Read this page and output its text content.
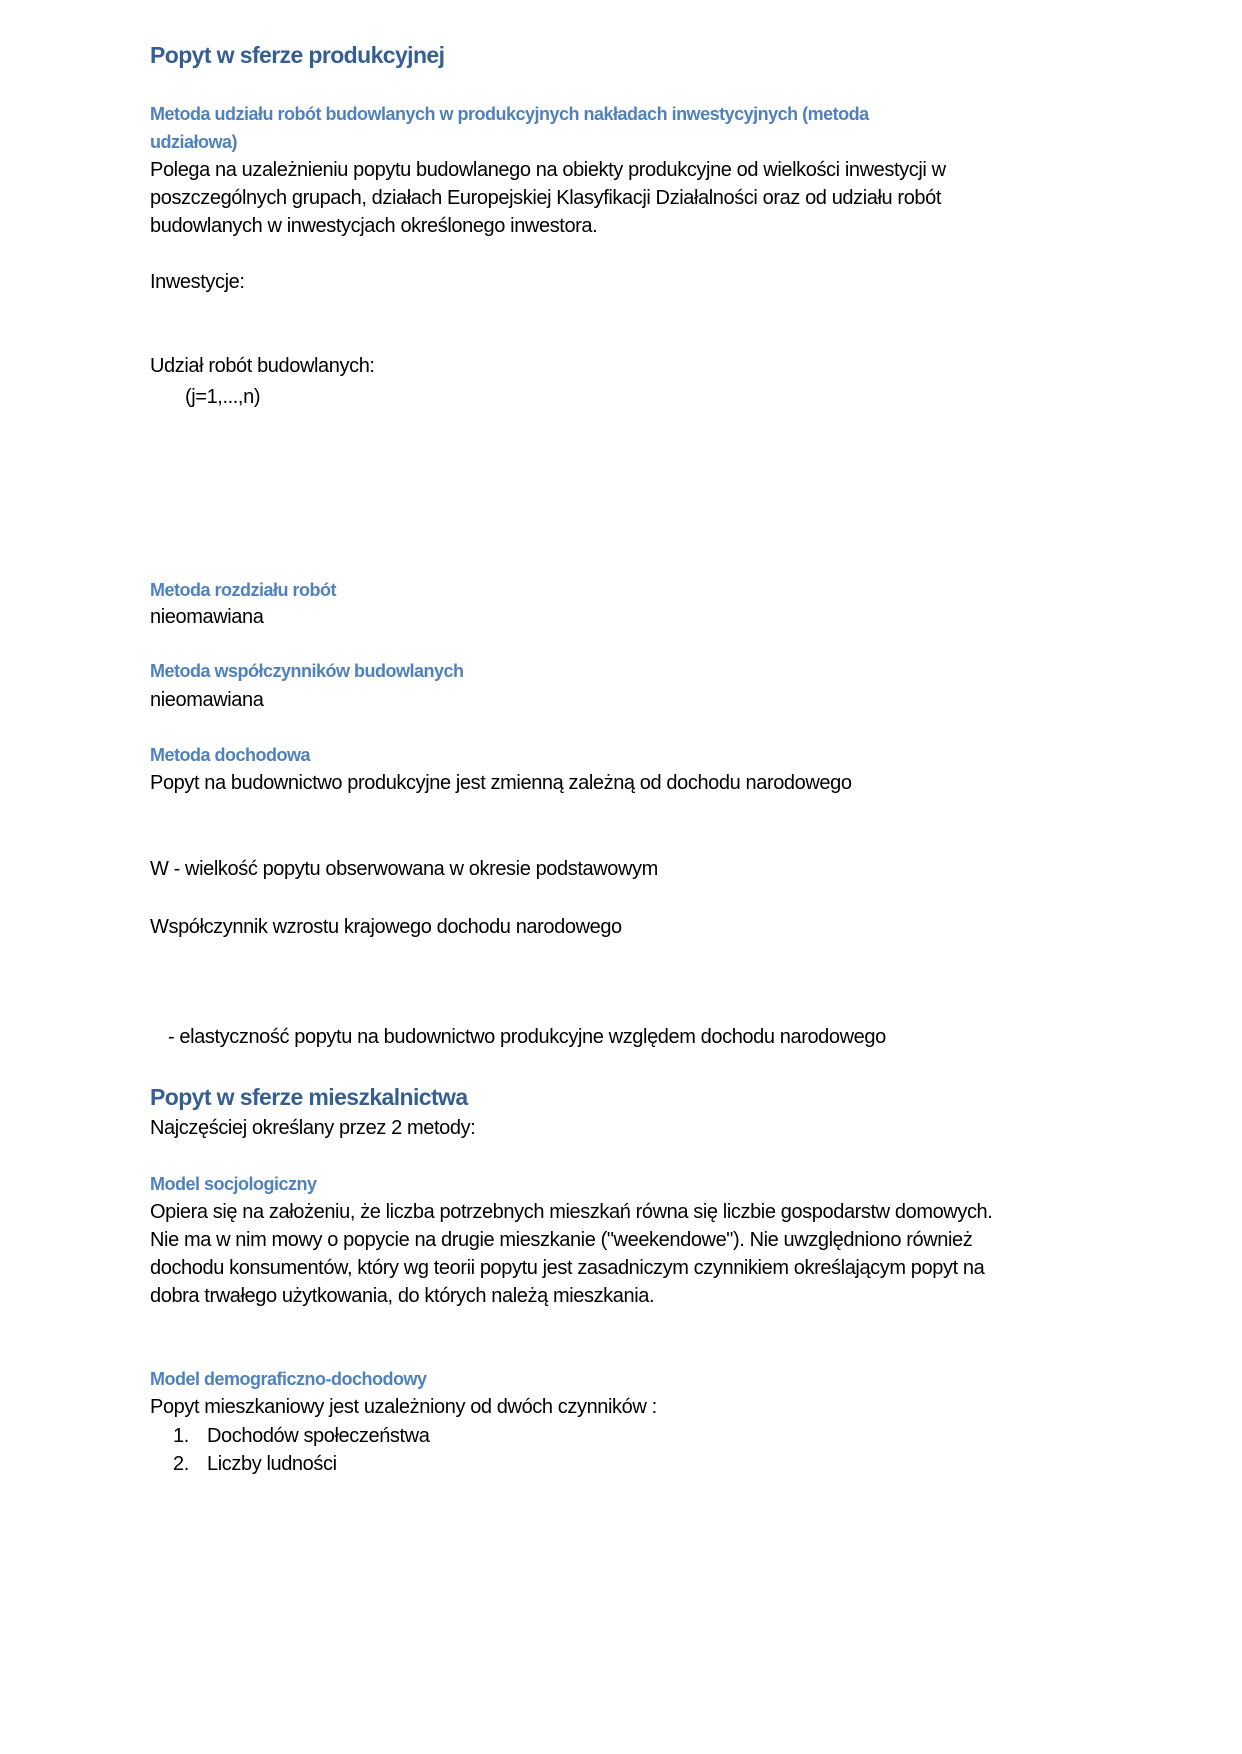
Popyt w sferze produkcyjnej
Metoda udziału robót budowlanych w produkcyjnych nakładach inwestycyjnych (metoda
udziałowa)
Polega na uzależnieniu popytu budowlanego na obiekty produkcyjne od wielkości inwestycji w
poszczególnych grupach, działach Europejskiej Klasyfikacji Działalności oraz od udziału robót
budowlanych w inwestycjach określonego inwestora.
Inwestycje:
Udział robót budowlanych:
(j=1,...,n)
Metoda rozdziału robót
nieomawiana
Metoda współczynników budowlanych
nieomawiana
Metoda dochodowa
Popyt na budownictwo produkcyjne jest zmienną zależną od dochodu narodowego
W - wielkość popytu obserwowana w okresie podstawowym
Współczynnik wzrostu krajowego dochodu narodowego
- elastyczność popytu na budownictwo produkcyjne względem dochodu narodowego
Popyt w sferze mieszkalnictwa
Najczęściej określany przez 2 metody:
Model socjologiczny
Opiera się na założeniu, że liczba potrzebnych mieszkań równa się liczbie gospodarstw domowych.
Nie ma w nim mowy o popycie na drugie mieszkanie ("weekendowe"). Nie uwzględniono również
dochodu konsumentów, który wg teorii popytu jest zasadniczym czynnikiem określającym popyt na
dobra trwałego użytkowania, do których należą mieszkania.
Model demograficzno-dochodowy
Popyt mieszkaniowy jest uzależniony od dwóch czynników :
1. Dochodów społeczeństwa
2. Liczby ludności
